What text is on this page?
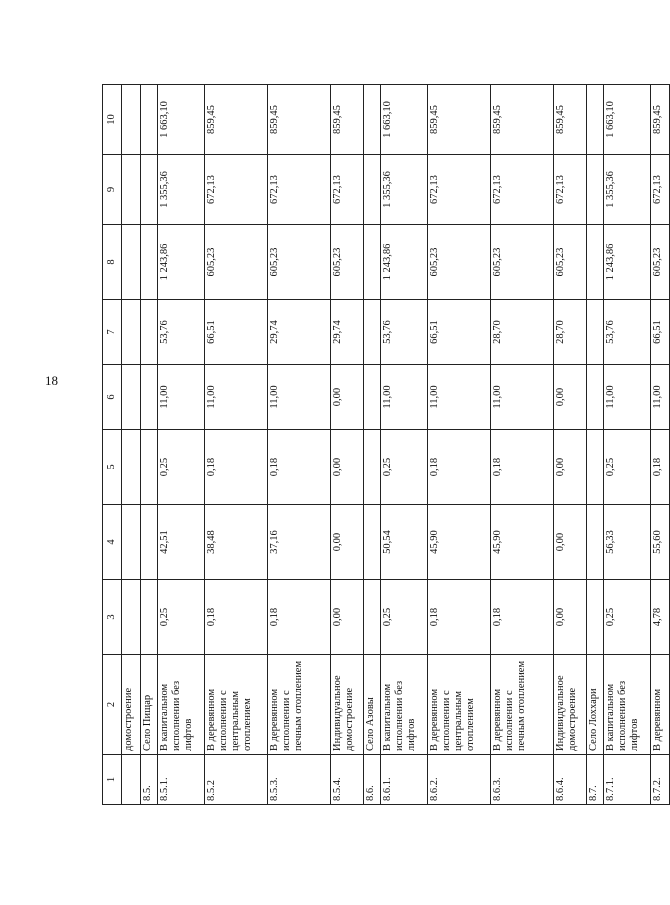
18
1	2	3	4	5	6	7	8	9	10
	домостроение								
8.5.	Село Пищар								
8.5.1.	В капитальном исполнении без лифтов	0,25	42,51	0,25	11,00	53,76	1 243,86	1 355,36	1 663,10
8.5.2	В деревянном исполнении с центральным отоплением	0,18	38,48	0,18	11,00	66,51	605,23	672,13	859,45
8.5.3.	В деревянном исполнении с печным отоплением	0,18	37,16	0,18	11,00	29,74	605,23	672,13	859,45
8.5.4.	Индивидуальное домостроение	0,00	0,00	0,00	0,00	29,74	605,23	672,13	859,45
8.6.	Село Азовы								
8.6.1.	В капитальном исполнении без лифтов	0,25	50,54	0,25	11,00	53,76	1 243,86	1 355,36	1 663,10
8.6.2.	В деревянном исполнении с центральным отоплением	0,18	45,90	0,18	11,00	66,51	605,23	672,13	859,45
8.6.3.	В деревянном исполнении с печным отоплением	0,18	45,90	0,18	11,00	28,70	605,23	672,13	859,45
8.6.4.	Индивидуальное домостроение	0,00	0,00	0,00	0,00	28,70	605,23	672,13	859,45
8.7.	Село Лоххари								
8.7.1.	В капитальном исполнении без лифтов	0,25	56,33	0,25	11,00	53,76	1 243,86	1 355,36	1 663,10
8.7.2.	В деревянном	4,78	55,60	0,18	11,00	66,51	605,23	672,13	859,45
